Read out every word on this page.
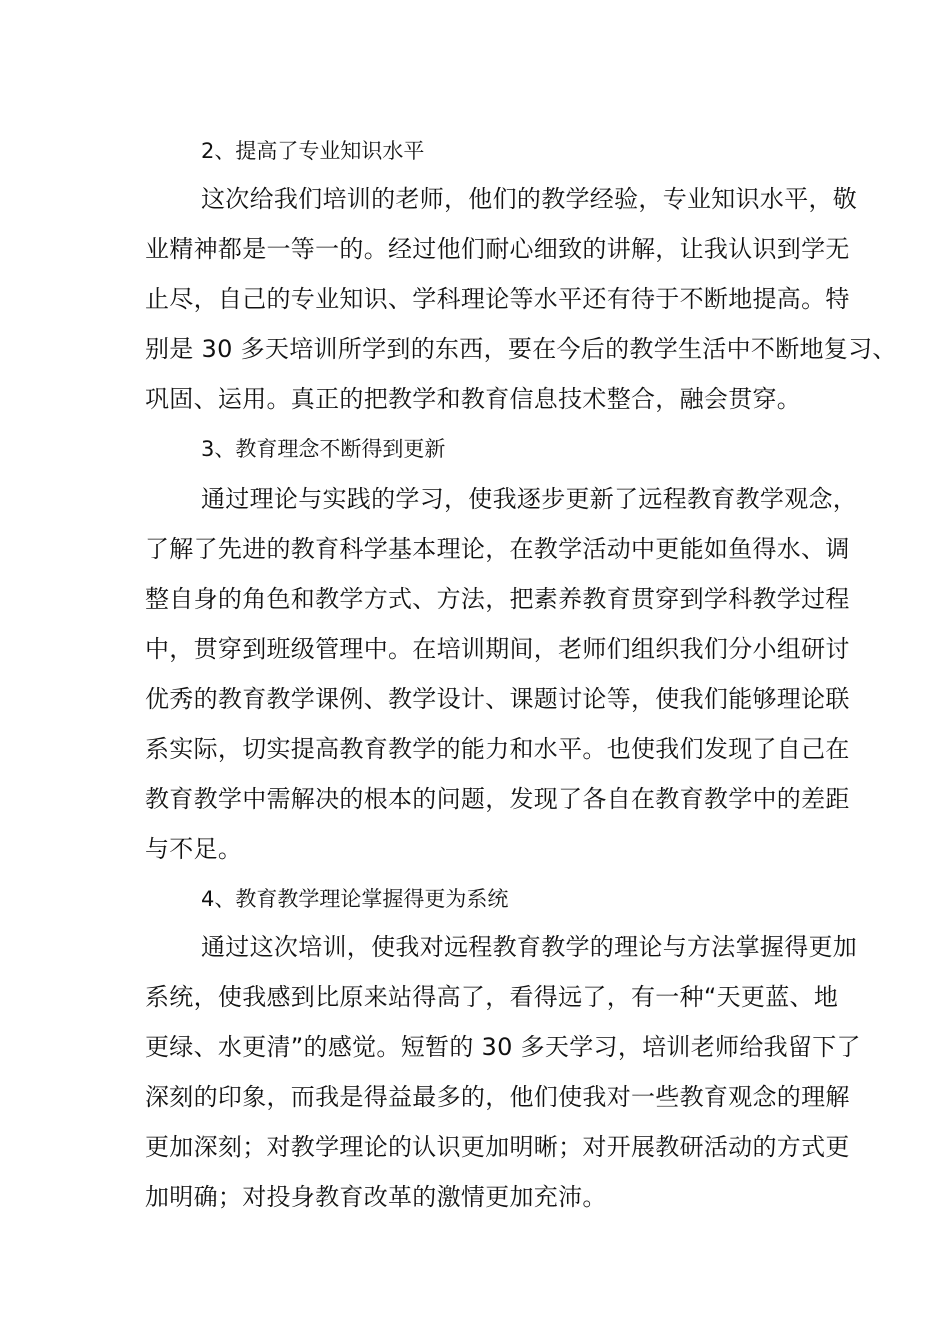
2、提高了专业知识水平
这次给我们培训的老师，他们的教学经验，专业知识水平，敬
业精神都是一等一的。经过他们耐心细致的讲解，让我认识到学无
止尽，自己的专业知识、学科理论等水平还有待于不断地提高。特
别是 30 多天培训所学到的东西，要在今后的教学生活中不断地复习、
巩固、运用。真正的把教学和教育信息技术整合，融会贯穿。
3、教育理念不断得到更新
通过理论与实践的学习，使我逐步更新了远程教育教学观念，
了解了先进的教育科学基本理论，在教学活动中更能如鱼得水、调
整自身的角色和教学方式、方法，把素养教育贯穿到学科教学过程
中，贯穿到班级管理中。在培训期间，老师们组织我们分小组研讨
优秀的教育教学课例、教学设计、课题讨论等，使我们能够理论联
系实际，切实提高教育教学的能力和水平。也使我们发现了自己在
教育教学中需解决的根本的问题，发现了各自在教育教学中的差距
与不足。
4、教育教学理论掌握得更为系统
通过这次培训，使我对远程教育教学的理论与方法掌握得更加
系统，使我感到比原来站得高了，看得远了，有一种“天更蓝、地
更绿、水更清”的感觉。短暂的 30 多天学习，培训老师给我留下了
深刻的印象，而我是得益最多的，他们使我对一些教育观念的理解
更加深刻；对教学理论的认识更加明晰；对开展教研活动的方式更
加明确；对投身教育改革的激情更加充沛。
